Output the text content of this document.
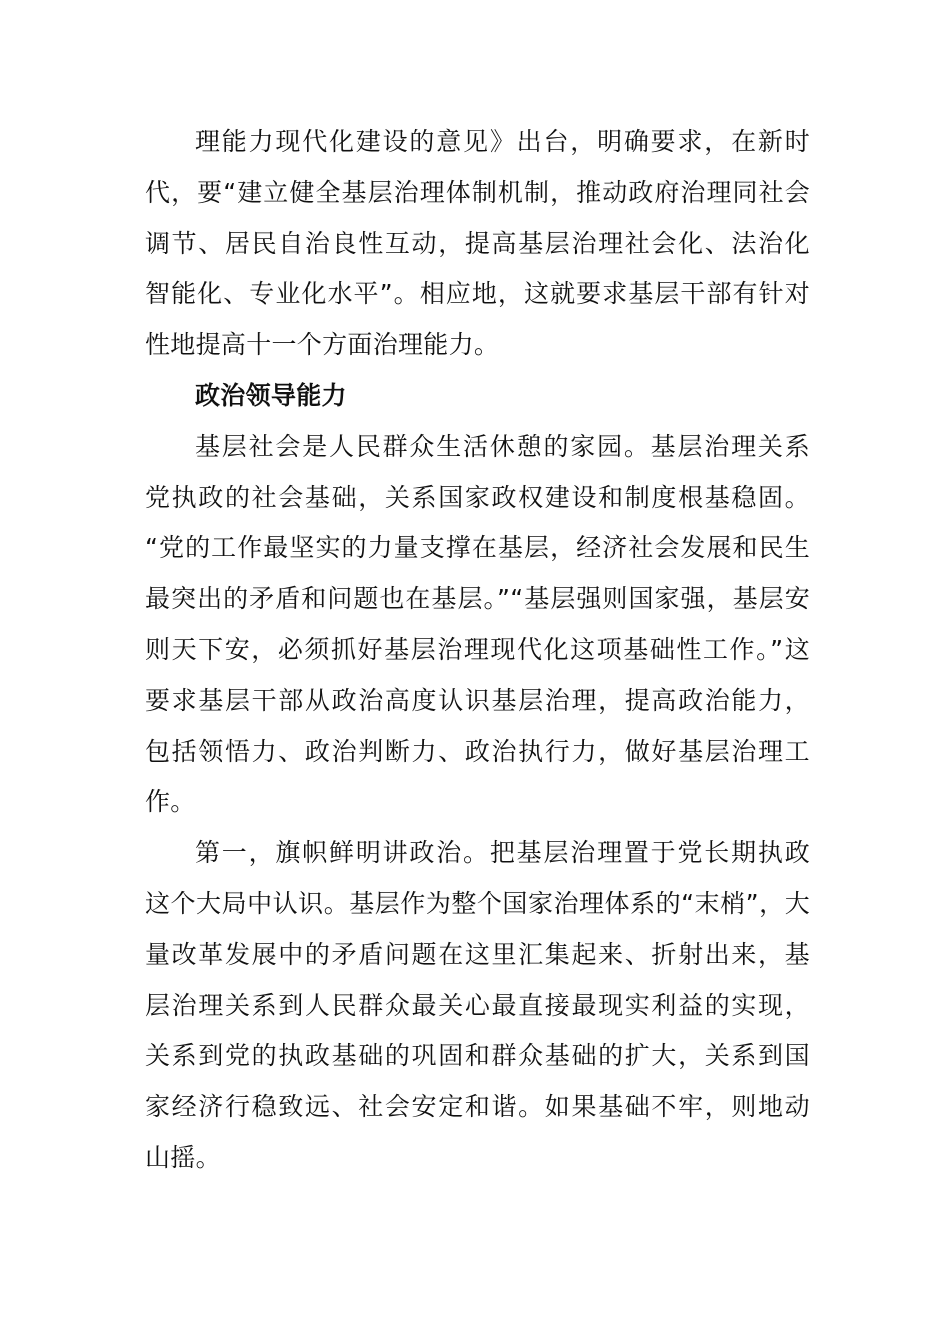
理能力现代化建设的意见》出台，明确要求，在新时
代，要“建立健全基层治理体制机制，推动政府治理同社会
调节、居民自治良性互动，提高基层治理社会化、法治化
智能化、专业化水平”。相应地，这就要求基层干部有针对
性地提高十一个方面治理能力。
政治领导能力
基层社会是人民群众生活休憩的家园。基层治理关系
党执政的社会基础，关系国家政权建设和制度根基稳固。
“党的工作最坚实的力量支撑在基层，经济社会发展和民生
最突出的矛盾和问题也在基层。”“基层强则国家强，基层安
则天下安，必须抓好基层治理现代化这项基础性工作。”这
要求基层干部从政治高度认识基层治理，提高政治能力，
包括领悟力、政治判断力、政治执行力，做好基层治理工
作。
第一，旗帜鲜明讲政治。把基层治理置于党长期执政
这个大局中认识。基层作为整个国家治理体系的“末梢”，大
量改革发展中的矛盾问题在这里汇集起来、折射出来，基
层治理关系到人民群众最关心最直接最现实利益的实现，
关系到党的执政基础的巩固和群众基础的扩大，关系到国
家经济行稳致远、社会安定和谐。如果基础不牢，则地动
山摇。
